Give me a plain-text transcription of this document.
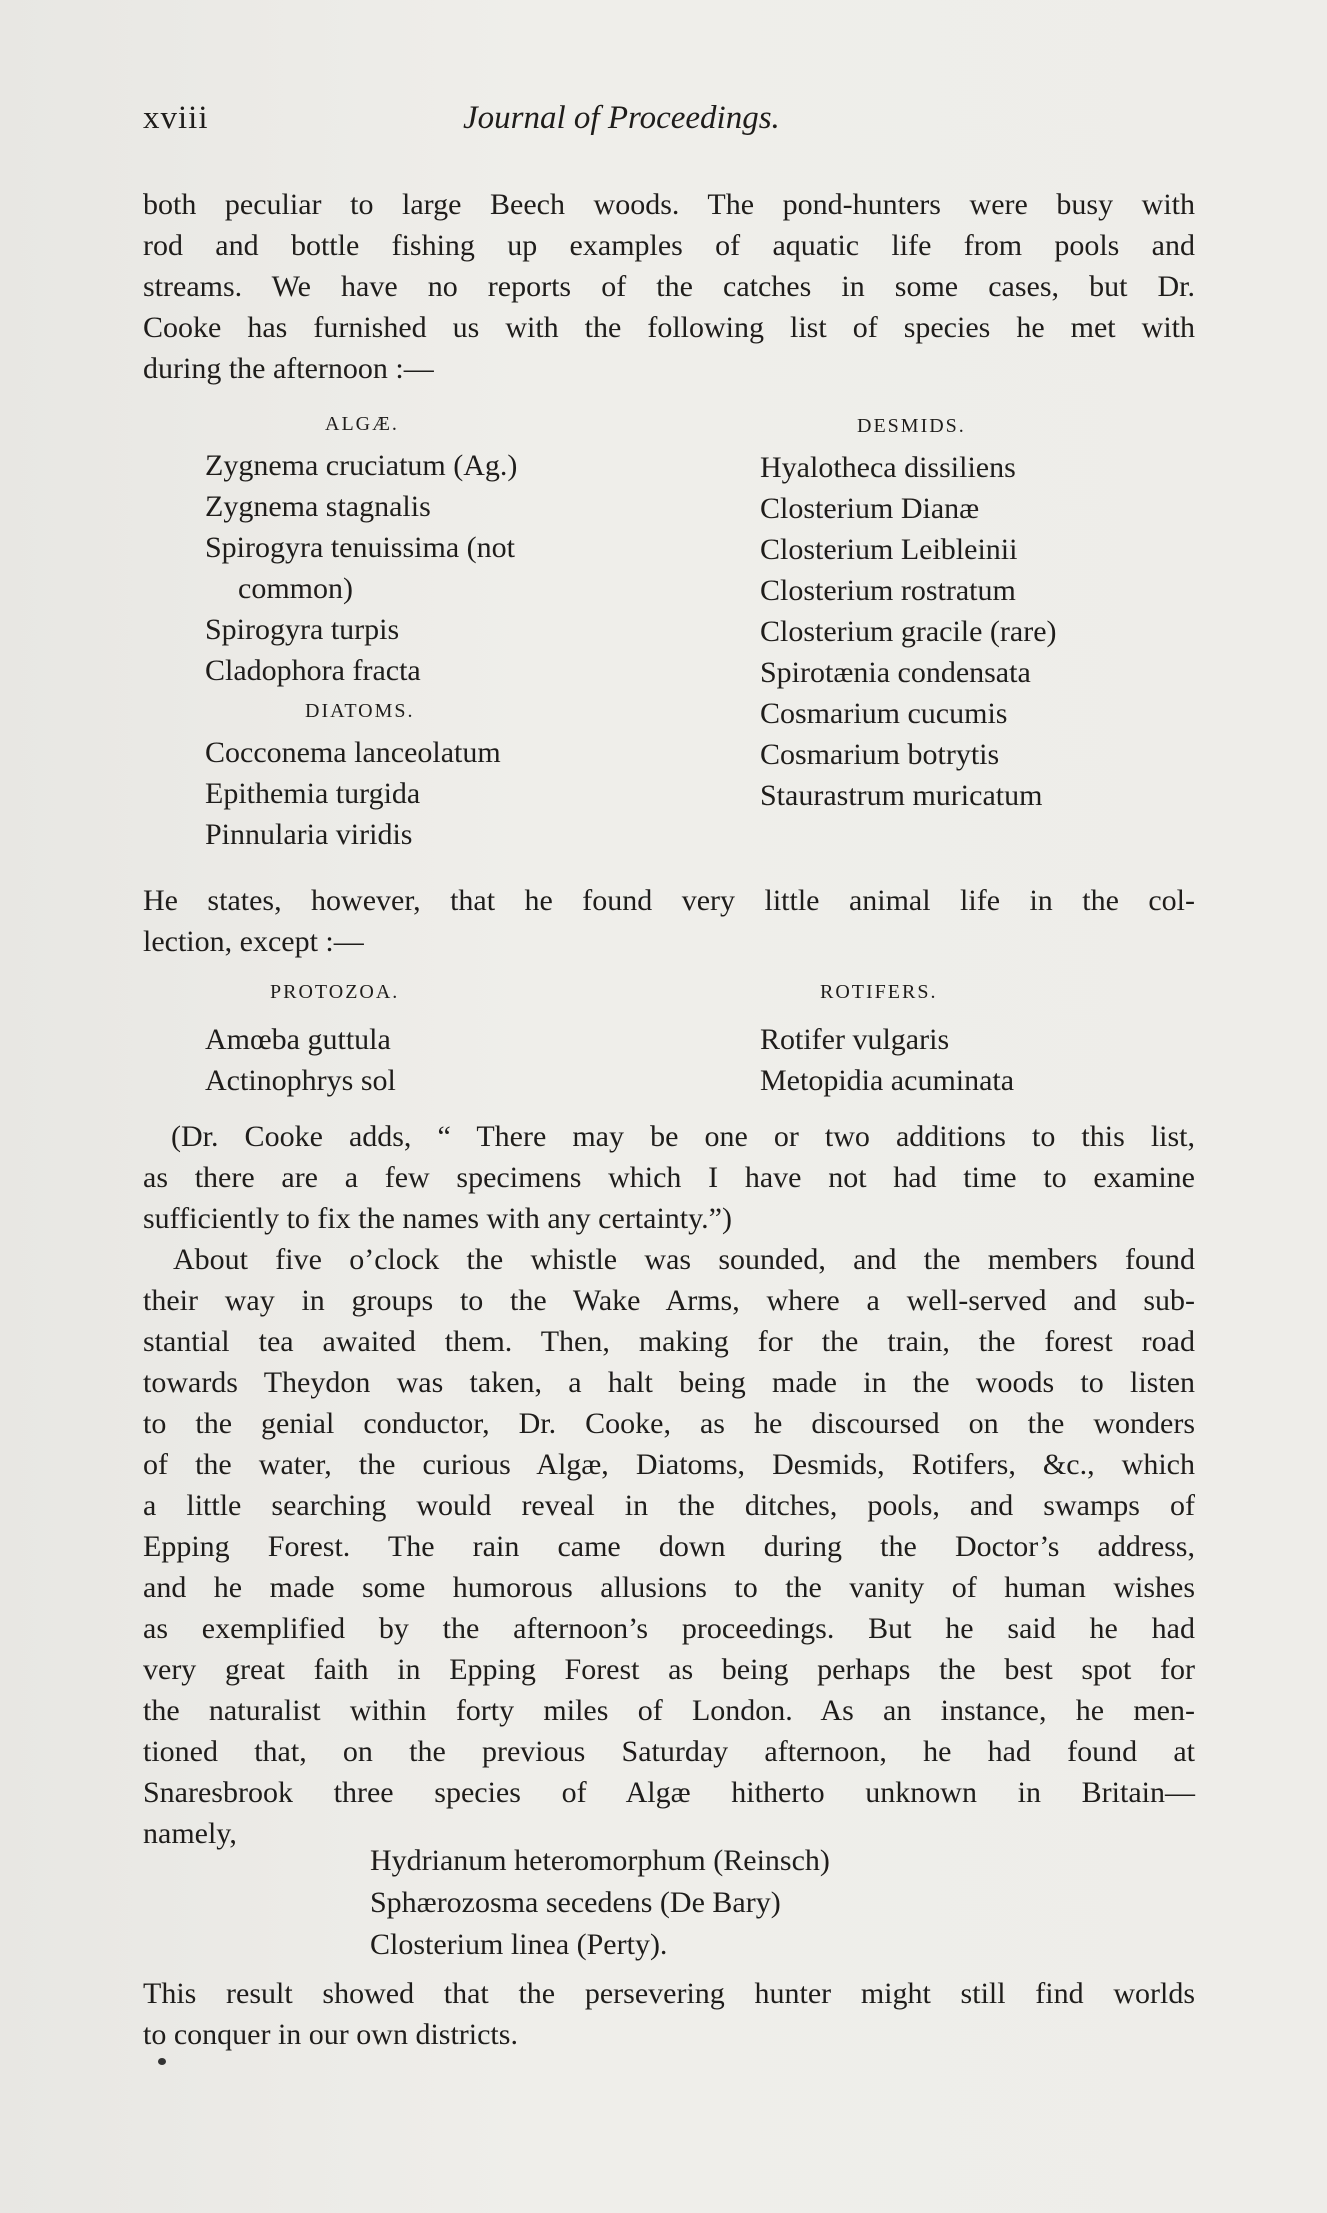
xviii	Journal of Proceedings.
both peculiar to large Beech woods. The pond-hunters were busy with
rod and bottle fishing up examples of aquatic life from pools and
streams. We have no reports of the catches in some cases, but Dr.
Cooke has furnished us with the following list of species he met with
during the afternoon :—
ALGÆ.
Zygnema cruciatum (Ag.)
Zygnema stagnalis
Spirogyra tenuissima (not
common)
Spirogyra turpis
Cladophora fracta
DIATOMS.
Cocconema lanceolatum
Epithemia turgida
Pinnularia viridis
DESMIDS.
Hyalotheca dissiliens
Closterium Dianæ
Closterium Leibleinii
Closterium rostratum
Closterium gracile (rare)
Spirotænia condensata
Cosmarium cucumis
Cosmarium botrytis
Staurastrum muricatum
He states, however, that he found very little animal life in the col-
lection, except :—
PROTOZOA.
Amœba guttula
Actinophrys sol
ROTIFERS.
Rotifer vulgaris
Metopidia acuminata
(Dr. Cooke adds, “ There may be one or two additions to this list,
as there are a few specimens which I have not had time to examine
sufficiently to fix the names with any certainty.”)
About five o’clock the whistle was sounded, and the members found
their way in groups to the Wake Arms, where a well-served and sub-
stantial tea awaited them. Then, making for the train, the forest road
towards Theydon was taken, a halt being made in the woods to listen
to the genial conductor, Dr. Cooke, as he discoursed on the wonders
of the water, the curious Algæ, Diatoms, Desmids, Rotifers, &c., which
a little searching would reveal in the ditches, pools, and swamps of
Epping Forest. The rain came down during the Doctor’s address,
and he made some humorous allusions to the vanity of human wishes
as exemplified by the afternoon’s proceedings. But he said he had
very great faith in Epping Forest as being perhaps the best spot for
the naturalist within forty miles of London. As an instance, he men-
tioned that, on the previous Saturday afternoon, he had found at
Snaresbrook three species of Algæ hitherto unknown in Britain—
namely,
Hydrianum heteromorphum (Reinsch)
Sphærozosma secedens (De Bary)
Closterium linea (Perty).
This result showed that the persevering hunter might still find worlds
to conquer in our own districts.
